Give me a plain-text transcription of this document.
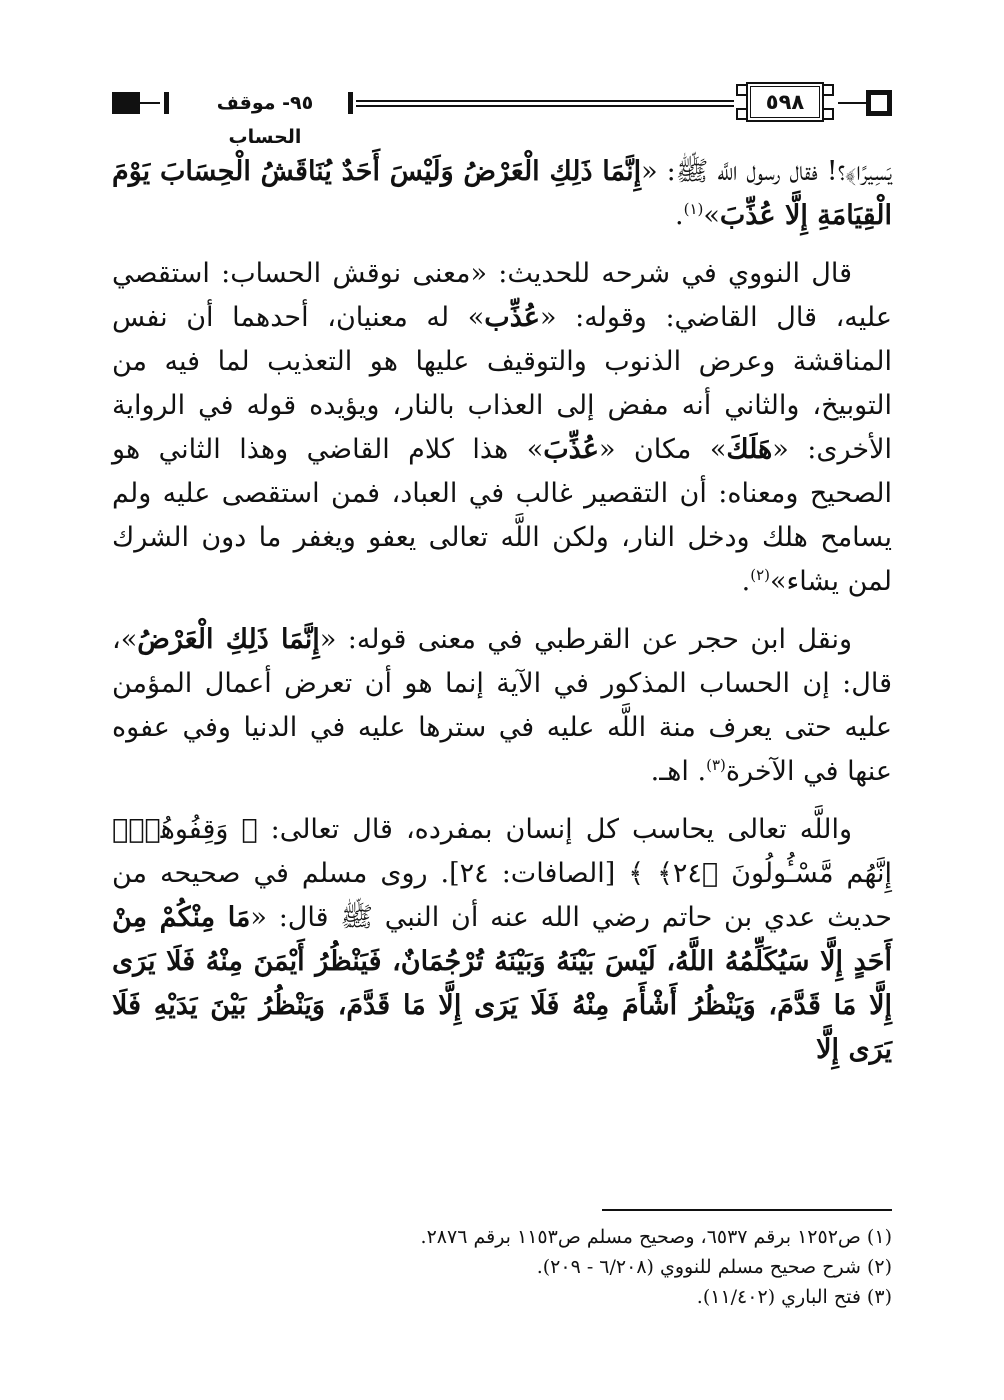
٩٥- موقف الحساب
٥٩٨

يَسِيرًا﴾؟! فقال رسول اللَّه ﷺ: «إِنَّمَا ذَلِكِ الْعَرْضُ وَلَيْسَ أَحَدٌ يُنَاقَشُ الْحِسَابَ يَوْمَ الْقِيَامَةِ إِلَّا عُذِّبَ»$^{(١)}$.

قال النووي في شرحه للحديث: «معنى نوقش الحساب: استقصي عليه، قال القاضي: وقوله: «عُذِّب» له معنيان، أحدهما أن نفس المناقشة وعرض الذنوب والتوقيف عليها هو التعذيب لما فيه من التوبيخ، والثاني أنه مفض إلى العذاب بالنار، ويؤيده قوله في الرواية الأخرى: «هَلَكَ» مكان «عُذِّبَ» هذا كلام القاضي وهذا الثاني هو الصحيح ومعناه: أن التقصير غالب في العباد، فمن استقصى عليه ولم يسامح هلك ودخل النار، ولكن اللَّه تعالى يعفو ويغفر ما دون الشرك لمن يشاء»$^{(٢)}$.

ونقل ابن حجر عن القرطبي في معنى قوله: «إِنَّمَا ذَلِكِ الْعَرْضُ»، قال: إن الحساب المذكور في الآية إنما هو أن تعرض أعمال المؤمن عليه حتى يعرف منة اللَّه عليه في سترها عليه في الدنيا وفي عفوه عنها في الآخرة$^{(٣)}$. اهـ.

واللَّه تعالى يحاسب كل إنسان بمفرده، قال تعالى: ﴿ وَقِفُوهُمْۖ إِنَّهُم مَّسْـُٔولُونَ ﴿٢٤﴾ ﴾ [الصافات: ٢٤]. روى مسلم في صحيحه من حديث عدي بن حاتم رضي الله عنه أن النبي ﷺ قال: «مَا مِنْكُمْ مِنْ أَحَدٍ إِلَّا سَيُكَلِّمُهُ اللَّهُ، لَيْسَ بَيْنَهُ وَبَيْنَهُ تُرْجُمَانٌ، فَيَنْظُرُ أَيْمَنَ مِنْهُ فَلَا يَرَى إِلَّا مَا قَدَّمَ، وَيَنْظُرُ أَشْأَمَ مِنْهُ فَلَا يَرَى إِلَّا مَا قَدَّمَ، وَيَنْظُرُ بَيْنَ يَدَيْهِ فَلَا يَرَى إِلَّا

(١) ص١٢٥٢ برقم ٦٥٣٧، وصحيح مسلم ص١١٥٣ برقم ٢٨٧٦.
(٢) شرح صحيح مسلم للنووي (٦/٢٠٨ - ٢٠٩).
(٣) فتح الباري (١١/٤٠٢).
